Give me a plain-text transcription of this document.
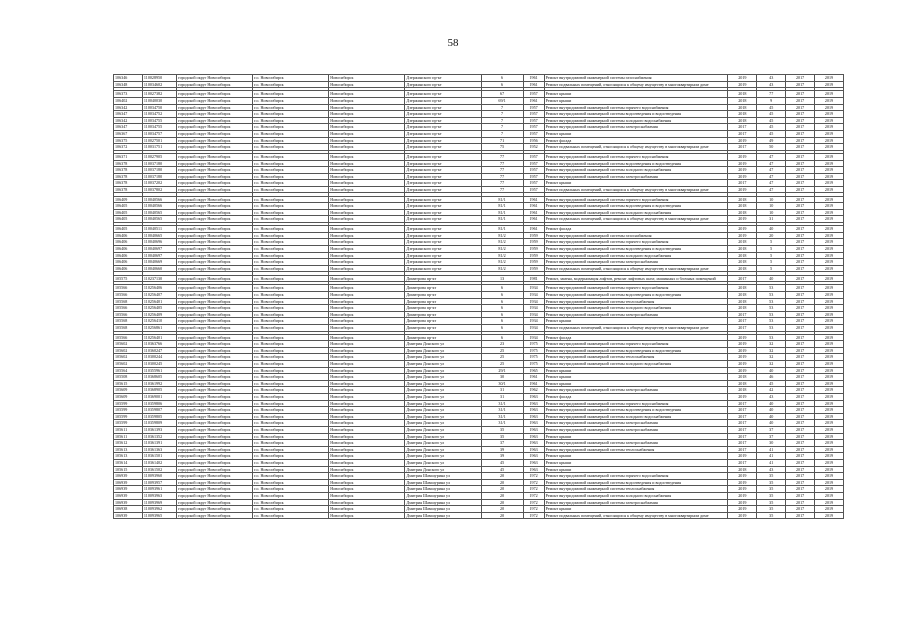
58
106346	110028950	городской округ Новосибирск	г.о. Новосибирск	Новосибирск	Дзержинского пр-кт	6	1961	Ремонт внутридомовой инженерной системы газоснабжения	2019	43	2017	2019
106348	110034602	городской округ Новосибирск	г.о. Новосибирск	Новосибирск	Дзержинского пр-кт	6	1961	Ремонт подвальных помещений, относящихся к общему имуществу в многоквартирном доме	2019	43	2017	2019

106373	110027382	городской округ Новосибирск	г.о. Новосибирск	Новосибирск	Дзержинского пр-кт	67	1957	Ремонт крыши	2018	77	2017	2019
106402	110040030	городской округ Новосибирск	г.о. Новосибирск	Новосибирск	Дзержинского пр-кт	69/1	1961	Ремонт крыши	2018	9	2017	2019
106342	110034750	городской округ Новосибирск	г.о. Новосибирск	Новосибирск	Дзержинского пр-кт	7	1957	Ремонт внутридомовой инженерной системы горячего водоснабжения	2018	45	2017	2019
106347	110034752	городской округ Новосибирск	г.о. Новосибирск	Новосибирск	Дзержинского пр-кт	7	1957	Ремонт внутридомовой инженерной системы водоотведения и водоотведения	2018	45	2017	2019
106342	110034755	городской округ Новосибирск	г.о. Новосибирск	Новосибирск	Дзержинского пр-кт	7	1957	Ремонт внутридомовой инженерной системы холодного водоснабжения	2018	45	2017	2019
106347	110034755	городской округ Новосибирск	г.о. Новосибирск	Новосибирск	Дзержинского пр-кт	7	1957	Ремонт внутридомовой инженерной системы электроснабжения	2017	45	2017	2019
106367	110034757	городской округ Новосибирск	г.о. Новосибирск	Новосибирск	Дзержинского пр-кт	7	1957	Ремонт крыши	2017	45	2017	2019
106375	110027501	городской округ Новосибирск	г.о. Новосибирск	Новосибирск	Дзержинского пр-кт	71	1956	Ремонт фасада	2019	49	2017	2019
106372	110031751	городской округ Новосибирск	г.о. Новосибирск	Новосибирск	Дзержинского пр-кт	75	1952	Ремонт подвальных помещений, относящихся к общему имуществу в многоквартирном доме	2017	50	2017	2019

106371	110027905	городской округ Новосибирск	г.о. Новосибирск	Новосибирск	Дзержинского пр-кт	77	1957	Ремонт внутридомовой инженерной системы горячего водоснабжения	2019	47	2017	2019
106378	110037180	городской округ Новосибирск	г.о. Новосибирск	Новосибирск	Дзержинского пр-кт	77	1957	Ремонт внутридомовой инженерной системы водоотведения и водоотведения	2019	47	2017	2019
106378	110037180	городской округ Новосибирск	г.о. Новосибирск	Новосибирск	Дзержинского пр-кт	77	1957	Ремонт внутридомовой инженерной системы холодного водоснабжения	2019	47	2017	2019
106378	110037180	городской округ Новосибирск	г.о. Новосибирск	Новосибирск	Дзержинского пр-кт	77	1957	Ремонт внутридомовой инженерной системы электроснабжения	2019	47	2017	2019
106378	110037202	городской округ Новосибирск	г.о. Новосибирск	Новосибирск	Дзержинского пр-кт	77	1957	Ремонт крыши	2017	47	2017	2019
106378	110037802	городской округ Новосибирск	г.о. Новосибирск	Новосибирск	Дзержинского пр-кт	77	1957	Ремонт подвальных помещений, относящихся к общему имуществу в многоквартирном доме	2019	47	2017	2019

106409	110040566	городской округ Новосибирск	г.о. Новосибирск	Новосибирск	Дзержинского пр-кт	81/1	1961	Ремонт внутридомовой инженерной системы горячего водоснабжения	2018	10	2017	2019
106405	110040566	городской округ Новосибирск	г.о. Новосибирск	Новосибирск	Дзержинского пр-кт	81/1	1961	Ремонт внутридомовой инженерной системы водоотведения и водоотведения	2018	10	2017	2019
106405	110040565	городской округ Новосибирск	г.о. Новосибирск	Новосибирск	Дзержинского пр-кт	81/1	1961	Ремонт внутридомовой инженерной системы холодного водоснабжения	2018	10	2017	2019
106405	110040565	городской округ Новосибирск	г.о. Новосибирск	Новосибирск	Дзержинского пр-кт	81/1	1961	Ремонт подвальных помещений, относящихся к общему имуществу в многоквартирном доме	2019	31	2017	2019

106405	110040511	городской округ Новосибирск	г.о. Новосибирск	Новосибирск	Дзержинского пр-кт	81/1	1961	Ремонт фасада	2019	40	2017	2019
106406	110040665	городской округ Новосибирск	г.о. Новосибирск	Новосибирск	Дзержинского пр-кт	81/2	1959	Ремонт внутридомовой инженерной системы газоснабжения	2019	20	2017	2019
106406	110040696	городской округ Новосибирск	г.о. Новосибирск	Новосибирск	Дзержинского пр-кт	81/2	1959	Ремонт внутридомовой инженерной системы горячего водоснабжения	2018	5	2017	2019
106406	110040697	городской округ Новосибирск	г.о. Новосибирск	Новосибирск	Дзержинского пр-кт	81/2	1959	Ремонт внутридомовой инженерной системы водоотведения и водоотведения	2018	5	2017	2019
106406	110040697	городской округ Новосибирск	г.о. Новосибирск	Новосибирск	Дзержинского пр-кт	81/2	1959	Ремонт внутридомовой инженерной системы холодного водоснабжения	2018	5	2017	2019
106406	110040669	городской округ Новосибирск	г.о. Новосибирск	Новосибирск	Дзержинского пр-кт	81/2	1959	Ремонт внутридомовой инженерной системы электроснабжения	2018	5	2017	2019
106406	110040660	городской округ Новосибирск	г.о. Новосибирск	Новосибирск	Дзержинского пр-кт	81/2	1959	Ремонт подвальных помещений, относящихся к общему имуществу в многоквартирном доме	2018	5	2017	2019

105575	110237130	городской округ Новосибирск	г.о. Новосибирск	Новосибирск	Димитрова пр-кт	13	1981	Ремонт, замена, модернизация лифтов, ремонт лифтовых шахт, машинных и блочных помещений	2017	40	2017	2019

105566	110256406	городской округ Новосибирск	г.о. Новосибирск	Новосибирск	Димитрова пр-кт	6	1934	Ремонт внутридомовой инженерной системы горячего водоснабжения	2018	53	2017	2019
105566	110256407	городской округ Новосибирск	г.о. Новосибирск	Новосибирск	Димитрова пр-кт	6	1934	Ремонт внутридомовой инженерной системы водоотведения и водоотведения	2018	53	2017	2019
105568	110256401	городской округ Новосибирск	г.о. Новосибирск	Новосибирск	Димитрова пр-кт	6	1934	Ремонт внутридомовой инженерной системы теплоснабжения	2018	53	2017	2019
105566	110256405	городской округ Новосибирск	г.о. Новосибирск	Новосибирск	Димитрова пр-кт	6	1934	Ремонт внутридомовой инженерной системы холодного водоснабжения	2018	53	2017	2019
105566	110256409	городской округ Новосибирск	г.о. Новосибирск	Новосибирск	Димитрова пр-кт	6	1934	Ремонт внутридомовой инженерной системы электроснабжения	2017	53	2017	2019
105568	110256410	городской округ Новосибирск	г.о. Новосибирск	Новосибирск	Димитрова пр-кт	6	1934	Ремонт крыши	2017	53	2017	2019
105568	110256861	городской округ Новосибирск	г.о. Новосибирск	Новосибирск	Димитрова пр-кт	6	1934	Ремонт подвальных помещений, относящихся к общему имуществу в многоквартирном доме	2017	53	2017	2019

105566	110256401	городской округ Новосибирск	г.о. Новосибирск	Новосибирск	Димитрова пр-кт	6	1934	Ремонт фасада	2019	53	2017	2019
105602	110363766	городской округ Новосибирск	г.о. Новосибирск	Новосибирск	Дмитрия Донского ул	23	1975	Ремонт внутридомовой инженерной системы горячего водоснабжения	2019	32	2017	2019
105602	110360247	городской округ Новосибирск	г.о. Новосибирск	Новосибирск	Дмитрия Донского ул	25	1975	Ремонт внутридомовой инженерной системы водоотведения и водоотведения	2019	32	2017	2019
105602	110300244	городской округ Новосибирск	г.о. Новосибирск	Новосибирск	Дмитрия Донского ул	25	1975	Ремонт внутридомовой инженерной системы теплоснабжения	2019	32	2017	2019
105602	110300245	городской округ Новосибирск	г.о. Новосибирск	Новосибирск	Дмитрия Донского ул	25	1975	Ремонт внутридомовой инженерной системы холодного водоснабжения	2019	32	2017	2019
105564	110355961	городской округ Новосибирск	г.о. Новосибирск	Новосибирск	Дмитрия Донского ул	29/1	1965	Ремонт крыши	2019	40	2017	2019
105508	110368605	городской округ Новосибирск	г.о. Новосибирск	Новосибирск	Дмитрия Донского ул	30	1961	Ремонт крыши	2018	46	2017	2019
105615	110361992	городской округ Новосибирск	г.о. Новосибирск	Новосибирск	Дмитрия Донского ул	30/1	1961	Ремонт крыши	2018	45	2017	2019
105609	110368905	городской округ Новосибирск	г.о. Новосибирск	Новосибирск	Дмитрия Донского ул	31	1962	Ремонт внутридомовой инженерной системы электроснабжения	2018	42	2017	2019
105609	110369001	городской округ Новосибирск	г.о. Новосибирск	Новосибирск	Дмитрия Донского ул	31	1963	Ремонт фасада	2019	43	2017	2019
105599	110359806	городской округ Новосибирск	г.о. Новосибирск	Новосибирск	Дмитрия Донского ул	31/1	1963	Ремонт внутридомовой инженерной системы горячего водоснабжения	2017	40	2017	2019
105599	110359807	городской округ Новосибирск	г.о. Новосибирск	Новосибирск	Дмитрия Донского ул	31/1	1963	Ремонт внутридомовой инженерной системы водоотведения и водоотведения	2017	40	2017	2019
105599	110359805	городской округ Новосибирск	г.о. Новосибирск	Новосибирск	Дмитрия Донского ул	31/1	1963	Ремонт внутридомовой инженерной системы холодного водоснабжения	2017	40	2017	2019
105599	110359809	городской округ Новосибирск	г.о. Новосибирск	Новосибирск	Дмитрия Донского ул	31/1	1963	Ремонт внутридомовой инженерной системы электроснабжения	2017	40	2017	2019
105611	110361393	городской округ Новосибирск	г.о. Новосибирск	Новосибирск	Дмитрия Донского ул	35	1963	Ремонт внутридомовой инженерной системы электроснабжения	2017	37	2017	2019
105611	110361352	городской округ Новосибирск	г.о. Новосибирск	Новосибирск	Дмитрия Донского ул	35	1963	Ремонт крыши	2017	37	2017	2019
105612	110361391	городской округ Новосибирск	г.о. Новосибирск	Новосибирск	Дмитрия Донского ул	37	1963	Ремонт внутридомовой инженерной системы электроснабжения	2017	30	2017	2019
105613	110361363	городской округ Новосибирск	г.о. Новосибирск	Новосибирск	Дмитрия Донского ул	39	1963	Ремонт внутридомовой инженерной системы теплоснабжения	2017	41	2017	2019
105613	110361501	городской округ Новосибирск	г.о. Новосибирск	Новосибирск	Дмитрия Донского ул	39	1963	Ремонт крыши	2019	41	2017	2019
105614	110361402	городской округ Новосибирск	г.о. Новосибирск	Новосибирск	Дмитрия Донского ул	45	1963	Ремонт крыши	2017	41	2017	2019
105615	110361502	городской округ Новосибирск	г.о. Новосибирск	Новосибирск	Дмитрия Донского ул	45	1963	Ремонт крыши	2018	43	2017	2019
106939	110093960	городской округ Новосибирск	г.о. Новосибирск	Новосибирск	Дмитрия Шамшурина ул	20	1972	Ремонт внутридомовой инженерной системы горячего водоснабжения	2019	35	2017	2019
106939	110093957	городской округ Новосибирск	г.о. Новосибирск	Новосибирск	Дмитрия Шамшурина ул	20	1972	Ремонт внутридомовой инженерной системы водоотведения и водоотведения	2019	35	2017	2019
106939	110093961	городской округ Новосибирск	г.о. Новосибирск	Новосибирск	Дмитрия Шамшурина ул	20	1972	Ремонт внутридомовой инженерной системы теплоснабжения	2019	35	2017	2019
106939	110093963	городской округ Новосибирск	г.о. Новосибирск	Новосибирск	Дмитрия Шамшурина ул	20	1972	Ремонт внутридомовой инженерной системы холодного водоснабжения	2019	35	2017	2019
106939	110093969	городской округ Новосибирск	г.о. Новосибирск	Новосибирск	Дмитрия Шамшурина ул	20	1972	Ремонт внутридомовой инженерной системы электроснабжения	2019	35	2017	2019
106938	110093962	городской округ Новосибирск	г.о. Новосибирск	Новосибирск	Дмитрия Шамшурина ул	20	1972	Ремонт крыши	2019	35	2017	2019
106939	110093965	городской округ Новосибирск	г.о. Новосибирск	Новосибирск	Дмитрия Шамшурина ул	20	1972	Ремонт подвальных помещений, относящихся к общему имуществу в многоквартирном доме	2019	35	2017	2019
